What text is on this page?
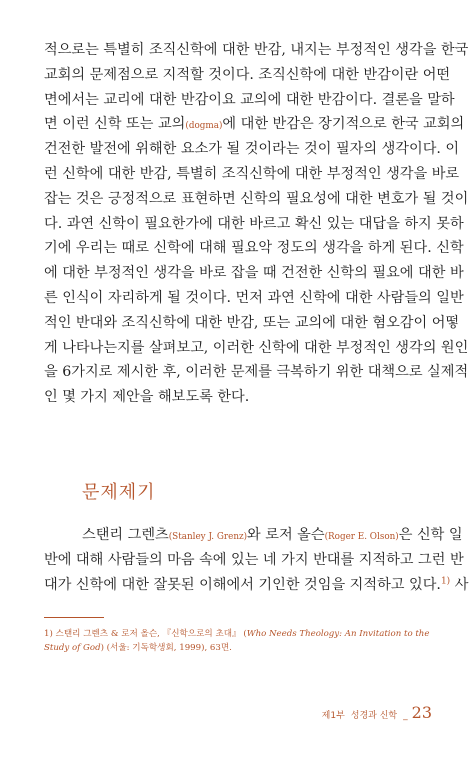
적으로는 특별히 조직신학에 대한 반감, 내지는 부정적인 생각을 한국
교회의 문제점으로 지적할 것이다. 조직신학에 대한 반감이란 어떤
면에서는 교리에 대한 반감이요 교의에 대한 반감이다. 결론을 말하
면 이런 신학 또는 교의(dogma)에 대한 반감은 장기적으로 한국 교회의
건전한 발전에 위해한 요소가 될 것이라는 것이 필자의 생각이다. 이
런 신학에 대한 반감, 특별히 조직신학에 대한 부정적인 생각을 바로
잡는 것은 긍정적으로 표현하면 신학의 필요성에 대한 변호가 될 것이
다. 과연 신학이 필요한가에 대한 바르고 확신 있는 대답을 하지 못하
기에 우리는 때로 신학에 대해 필요악 정도의 생각을 하게 된다. 신학
에 대한 부정적인 생각을 바로 잡을 때 건전한 신학의 필요에 대한 바
른 인식이 자리하게 될 것이다. 먼저 과연 신학에 대한 사람들의 일반
적인 반대와 조직신학에 대한 반감, 또는 교의에 대한 혐오감이 어떻
게 나타나는지를 살펴보고, 이러한 신학에 대한 부정적인 생각의 원인
을 6가지로 제시한 후, 이러한 문제를 극복하기 위한 대책으로 실제적
인 몇 가지 제안을 해보도록 한다.
문제제기
스탠리 그렌츠(Stanley J. Grenz)와 로저 올슨(Roger E. Olson)은 신학 일
반에 대해 사람들의 마음 속에 있는 네 가지 반대를 지적하고 그런 반
대가 신학에 대한 잘못된 이해에서 기인한 것임을 지적하고 있다.$^{1)}$ 사
1) 스탠리 그렌츠 & 로저 올슨, 『신학으로의 초대』 (Who Needs Theology: An Invitation to the Study of God) (서울: 기독학생회, 1999), 63면.
제1부 성경과 신학 _ 23
